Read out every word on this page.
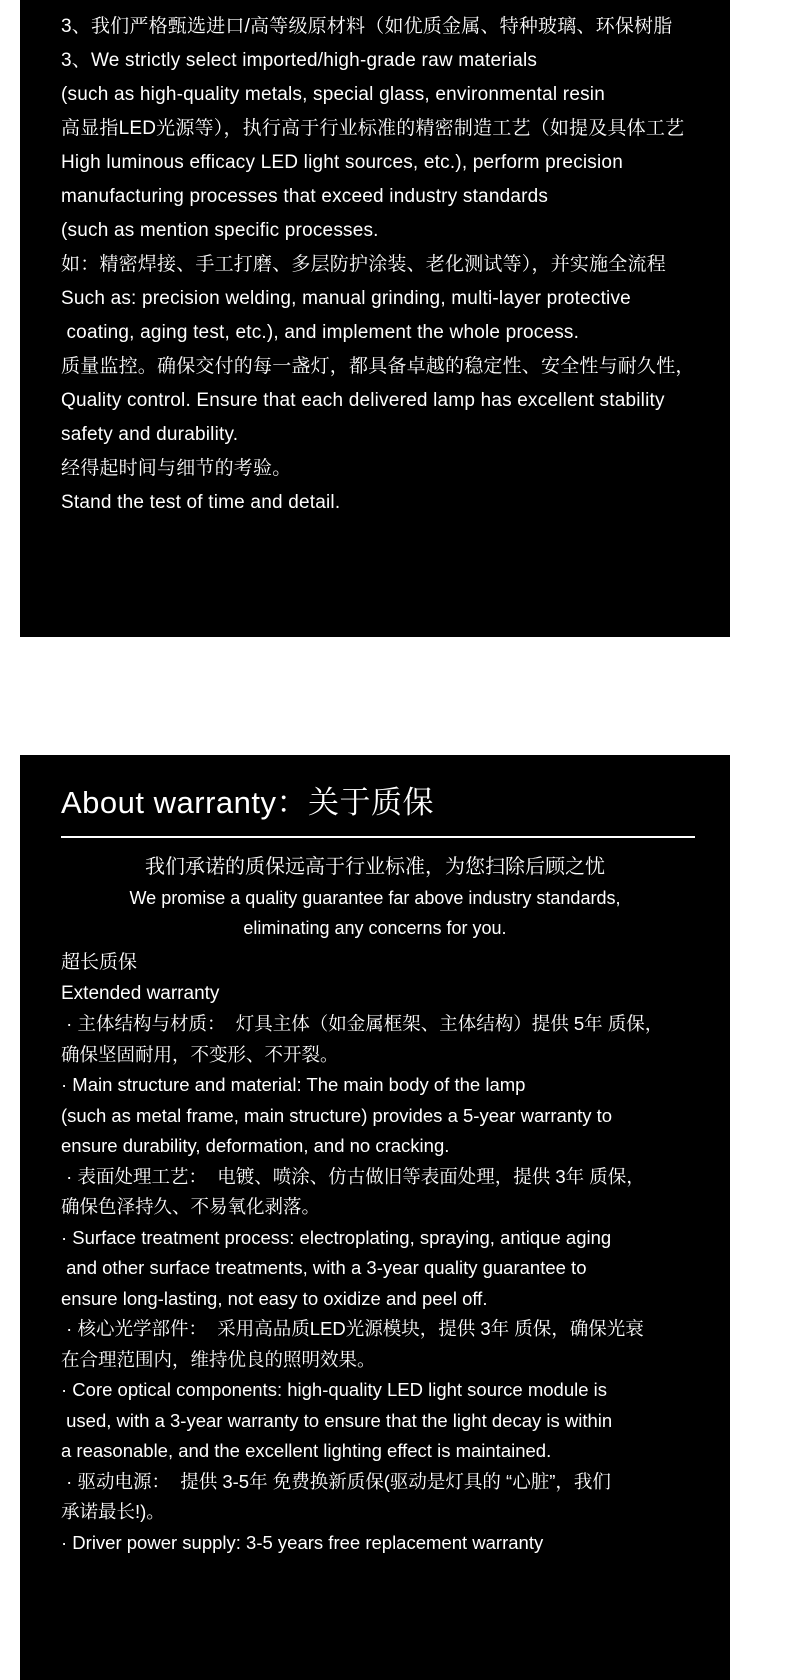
3、我们严格甄选进口/高等级原材料（如优质金属、特种玻璃、环保树脂
3、We strictly select imported/high-grade raw materials
(such as high-quality metals, special glass, environmental resin
高显指LED光源等），执行高于行业标准的精密制造工艺（如提及具体工艺
High luminous efficacy LED light sources, etc.), perform precision
manufacturing processes that exceed industry standards
(such as mention specific processes.
如：精密焊接、手工打磨、多层防护涂装、老化测试等），并实施全流程
Such as: precision welding, manual grinding, multi-layer protective
coating, aging test, etc.), and implement the whole process.
质量监控。确保交付的每一盏灯，都具备卓越的稳定性、安全性与耐久性，
Quality control. Ensure that each delivered lamp has excellent stability
safety and durability.
经得起时间与细节的考验。
Stand the test of time and detail.
About warranty：关于质保
我们承诺的质保远高于行业标准，为您扫除后顾之忧
We promise a quality guarantee far above industry standards,
eliminating any concerns for you.
超长质保
Extended warranty
· 主体结构与材质：  灯具主体（如金属框架、主体结构）提供 5年 质保，
确保坚固耐用，不变形、不开裂。
· Main structure and material: The main body of the lamp
(such as metal frame, main structure) provides a 5-year warranty to
ensure durability, deformation, and no cracking.
· 表面处理工艺：  电镀、喷涂、仿古做旧等表面处理，提供 3年 质保，
确保色泽持久、不易氧化剥落。
· Surface treatment process: electroplating, spraying, antique aging
and other surface treatments, with a 3-year quality guarantee to
ensure long-lasting, not easy to oxidize and peel off.
· 核心光学部件：  采用高品质LED光源模块，提供 3年 质保，确保光衰
在合理范围内，维持优良的照明效果。
· Core optical components: high-quality LED light source module is
used, with a 3-year warranty to ensure that the light decay is within
a reasonable, and the excellent lighting effect is maintained.
· 驱动电源：  提供 3-5年 免费换新质保(驱动是灯具的 “心脏”，我们
承诺最长!)。
· Driver power supply: 3-5 years free replacement warranty
